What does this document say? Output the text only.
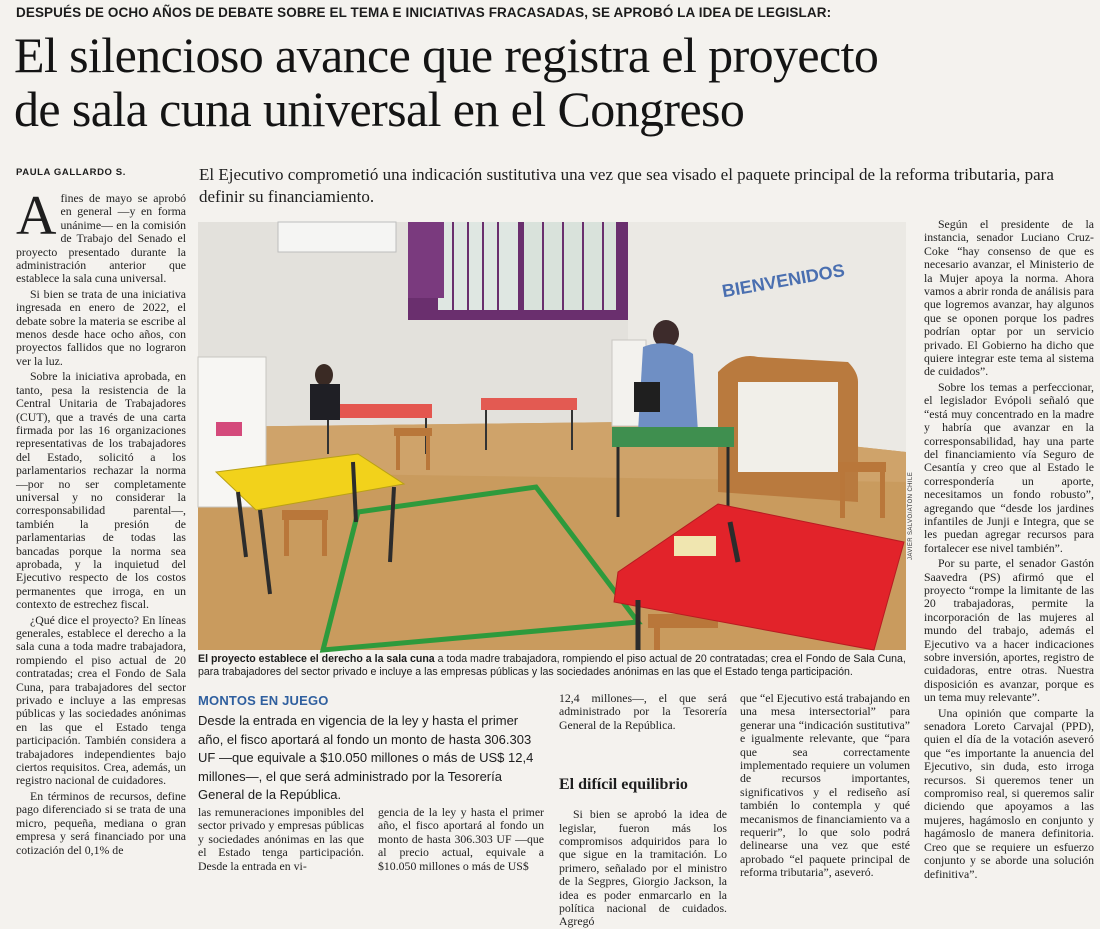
DESPUÉS DE OCHO AÑOS DE DEBATE SOBRE EL TEMA E INICIATIVAS FRACASADAS, SE APROBÓ LA IDEA DE LEGISLAR:
El silencioso avance que registra el proyecto
de sala cuna universal en el Congreso
PAULA GALLARDO S.	El Ejecutivo comprometió una indicación sustitutiva una vez que sea visado el paquete principal de la reforma tributaria, para definir su financiamiento.

Afines de mayo se aprobó en general —y en forma unánime— en la comisión de Trabajo del Senado el proyecto presentado durante la administración anterior que establece la sala cuna universal.

Si bien se trata de una iniciativa ingresada en enero de 2022, el debate sobre la materia se escribe al menos desde hace ocho años, con proyectos fallidos que no lograron ver la luz.

Sobre la iniciativa aprobada, en tanto, pesa la resistencia de la Central Unitaria de Trabajadores (CUT), que a través de una carta firmada por las 16 organizaciones representativas de los trabajadores del Estado, solicitó a los parlamentarios rechazar la norma —por no ser completamente universal y no considerar la corresponsabilidad parental—, también la presión de parlamentarias de todas las bancadas porque la norma sea aprobada, y la inquietud del Ejecutivo respecto de los costos permanentes que irroga, en un contexto de estrechez fiscal.

¿Qué dice el proyecto? En líneas generales, establece el derecho a la sala cuna a toda madre trabajadora, rompiendo el piso actual de 20 contratadas; crea el Fondo de Sala Cuna, para trabajadores del sector privado e incluye a las empresas públicas y las sociedades anónimas en las que el Estado tenga participación. También considera a trabajadores independientes bajo ciertos requisitos. Crea, además, un registro nacional de cuidadores.

En términos de recursos, define pago diferenciado si se trata de una micro, pequeña, mediana o gran empresa y será financiado por una cotización del 0,1% de

BIENVENIDOS
JAVIER SALVO/ATON CHILE
El proyecto establece el derecho a la sala cuna a toda madre trabajadora, rompiendo el piso actual de 20 contratadas; crea el Fondo de Sala Cuna, para trabajadores del sector privado e incluye a las empresas públicas y las sociedades anónimas en las que el Estado tenga participación.
MONTOS EN JUEGO
Desde la entrada en vigencia de la ley y hasta el primer año, el fisco aportará al fondo un monto de hasta 306.303 UF —que equivale a $10.050 millones o más de US$ 12,4 millones—, el que será administrado por la Tesorería General de la República.

las remuneraciones imponibles del sector privado y empresas públicas y sociedades anónimas en las que el Estado tenga participación. Desde la entrada en vi-

gencia de la ley y hasta el primer año, el fisco aportará al fondo un monto de hasta 306.303 UF —que al precio actual, equivale a $10.050 millones o más de US$

12,4 millones—, el que será administrado por la Tesorería General de la República.

El difícil equilibrio

Si bien se aprobó la idea de legislar, fueron más los compromisos adquiridos para lo que sigue en la tramitación. Lo primero, señalado por el ministro de la Segpres, Giorgio Jackson, la idea es poder enmarcarlo en la política nacional de cuidados. Agregó

que “el Ejecutivo está trabajando en una mesa intersectorial” para generar una “indicación sustitutiva” e igualmente relevante, que “para que sea correctamente implementado requiere un volumen de recursos importantes, significativos y el rediseño así también lo contempla y qué mecanismos de financiamiento va a requerir”, lo que solo podrá delinearse una vez que esté aprobado “el paquete principal de reforma tributaria”, aseveró.

Según el presidente de la instancia, senador Luciano Cruz-Coke “hay consenso de que es necesario avanzar, el Ministerio de la Mujer apoya la norma. Ahora vamos a abrir ronda de análisis para que logremos avanzar, hay algunos que se oponen porque los padres podrían optar por un servicio privado. El Gobierno ha dicho que quiere integrar este tema al sistema de cuidados”.

Sobre los temas a perfeccionar, el legislador Evópoli señaló que “está muy concentrado en la madre y habría que avanzar en la corresponsabilidad, hay una parte del financiamiento vía Seguro de Cesantía y creo que al Estado le correspondería un aporte, necesitamos un fondo robusto”, agregando que “desde los jardines infantiles de Junji e Integra, que se les puedan agregar recursos para fortalecer ese nivel también”.

Por su parte, el senador Gastón Saavedra (PS) afirmó que el proyecto “rompe la limitante de las 20 trabajadoras, permite la incorporación de las mujeres al mundo del trabajo, además el Ejecutivo va a hacer indicaciones sobre inversión, aportes, registro de cuidadoras, entre otras. Nuestra disposición es avanzar, porque es un tema muy relevante”.

Una opinión que comparte la senadora Loreto Carvajal (PPD), quien el día de la votación aseveró que “es importante la anuencia del Ejecutivo, sin duda, esto irroga recursos. Si queremos tener un compromiso real, si queremos salir diciendo que apoyamos a las mujeres, hagámoslo en conjunto y hagámoslo de manera definitoria. Creo que se requiere un esfuerzo conjunto y se aborde una solución definitiva”.
